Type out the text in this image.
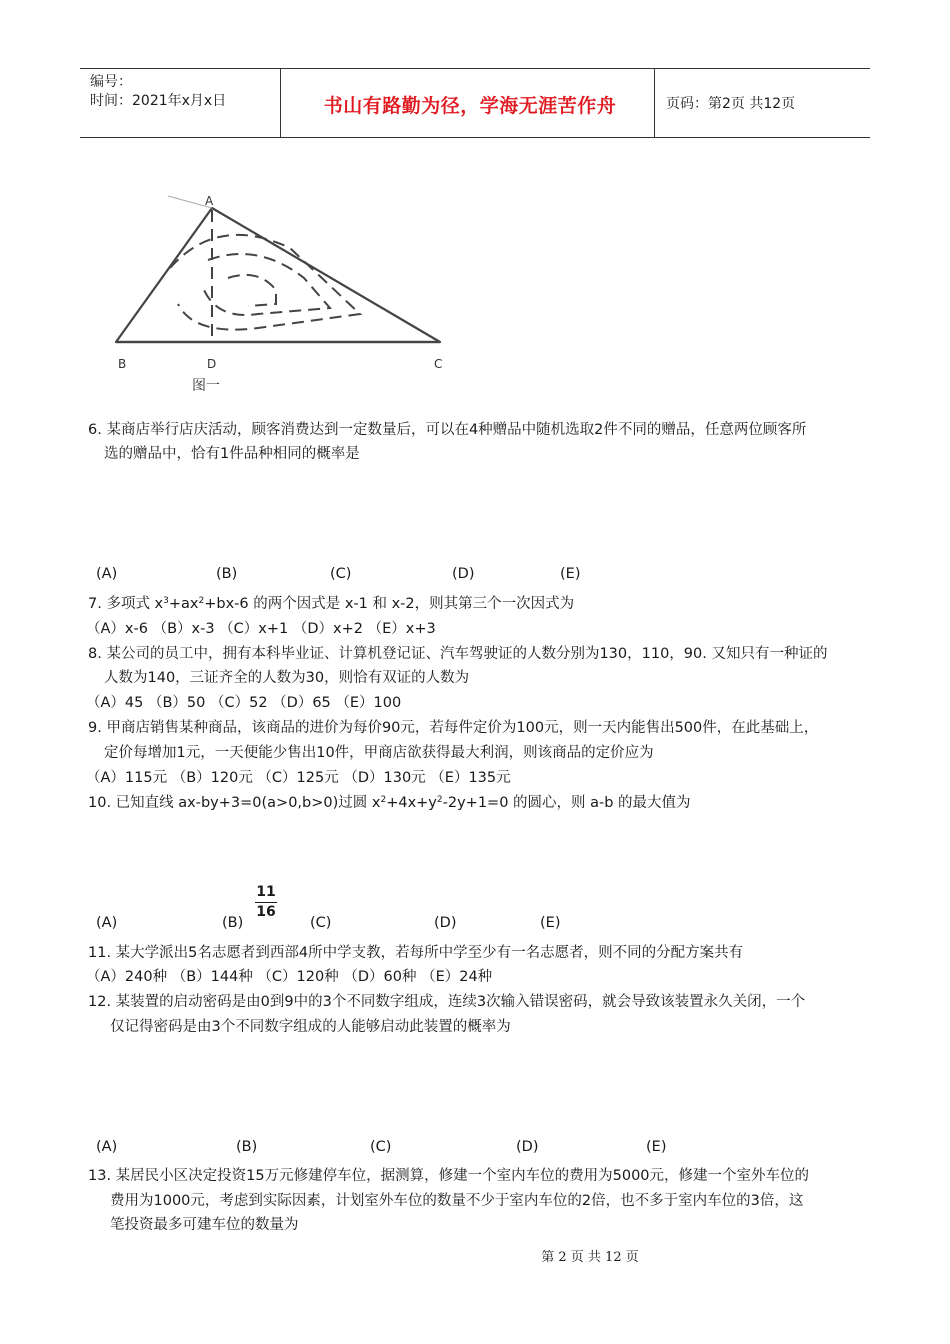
编号：
时间：2021年x月x日	书山有路勤为径，学海无涯苦作舟	页码：第2页 共12页
A
B	D	C
图一
6. 某商店举行店庆活动，顾客消费达到一定数量后，可以在4种赠品中随机选取2件不同的赠品，任意两位顾客所
选的赠品中，恰有1件品种相同的概率是
(A)	(B)	(C)	(D)	(E)
7. 多项式 $x^3+ax^2+bx-6$ 的两个因式是 x-1 和 x-2，则其第三个一次因式为
（A）x-6 （B）x-3 （C）x+1 （D）x+2 （E）x+3
8. 某公司的员工中，拥有本科毕业证、计算机登记证、汽车驾驶证的人数分别为130，110，90. 又知只有一种证的
人数为140，三证齐全的人数为30，则恰有双证的人数为
（A）45 （B）50 （C）52 （D）65 （E）100
9. 甲商店销售某种商品，该商品的进价为每价90元，若每件定价为100元，则一天内能售出500件，在此基础上，
定价每增加1元，一天便能少售出10件，甲商店欲获得最大利润，则该商品的定价应为
（A）115元 （B）120元 （C）125元 （D）130元 （E）135元
10. 已知直线 ax-by+3=0(a>0,b>0)过圆 $x^2+4x+y^2-2y+1=0$ 的圆心，则 a-b 的最大值为
11
16
(A)	(B)	(C)	(D)	(E)
11. 某大学派出5名志愿者到西部4所中学支教，若每所中学至少有一名志愿者，则不同的分配方案共有
（A）240种 （B）144种 （C）120种 （D）60种 （E）24种
12. 某装置的启动密码是由0到9中的3个不同数字组成，连续3次输入错误密码，就会导致该装置永久关闭，一个
仅记得密码是由3个不同数字组成的人能够启动此装置的概率为
(A)	(B)	(C)	(D)	(E)
13. 某居民小区决定投资15万元修建停车位，据测算，修建一个室内车位的费用为5000元，修建一个室外车位的
费用为1000元，考虑到实际因素，计划室外车位的数量不少于室内车位的2倍，也不多于室内车位的3倍，这
笔投资最多可建车位的数量为
第 2 页 共 12 页
